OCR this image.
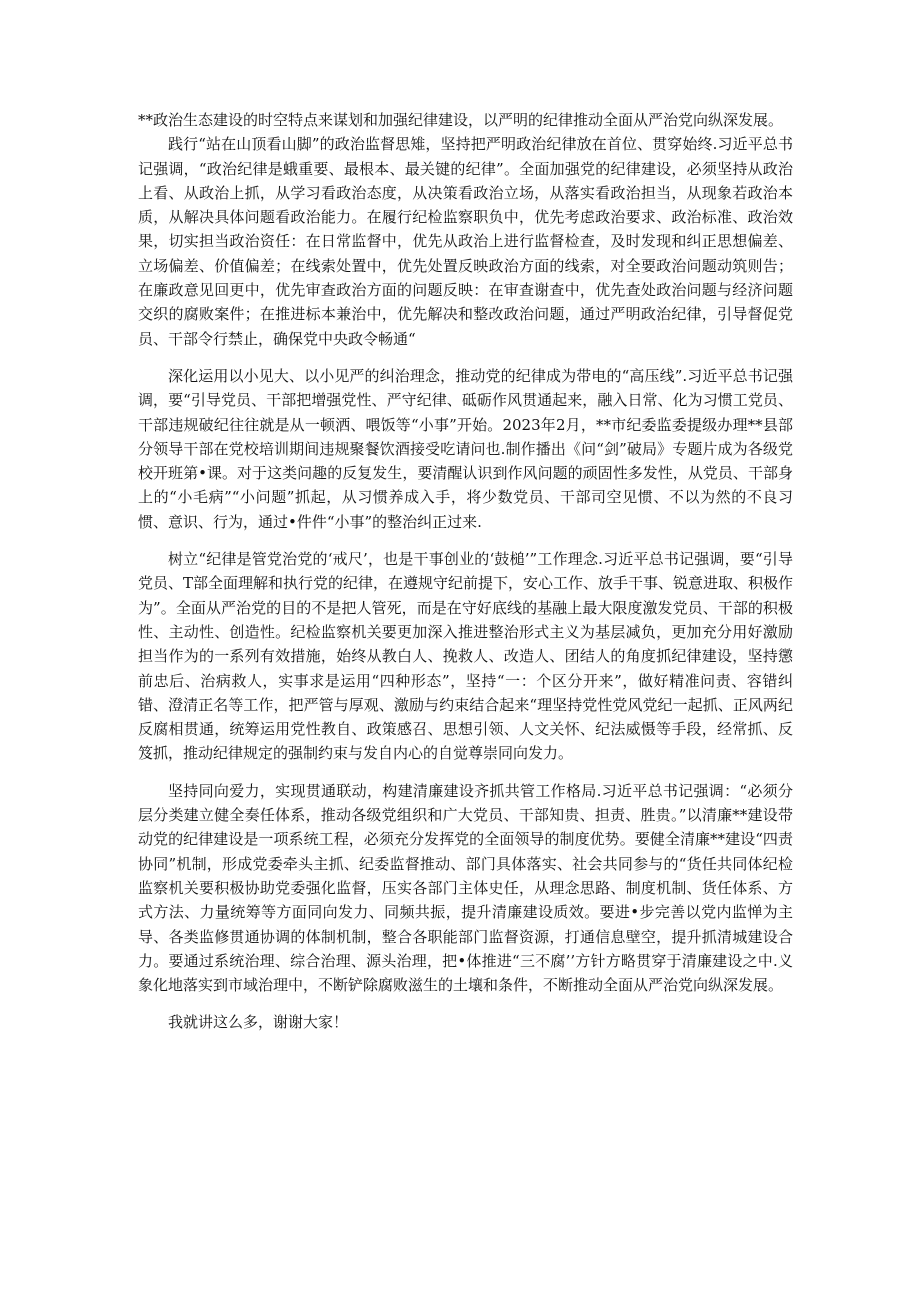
**政治生态建设的时空特点来谋划和加强纪律建设，以严明的纪律推动全面从严治党向纵深发展。

践行“站在山顶看山脚”的政治监督思雉，坚持把严明政治纪律放在首位、贯穿始终.习近平总书记强调，“政治纪律是蛾重要、最根本、最关键的纪律”。全面加强党的纪律建设，必须坚持从政治上看、从政治上抓，从学习看政治态度，从决策看政治立场，从落实看政治担当，从现象若政治本质，从解决具体问题看政治能力。在履行纪检监察职负中，优先考虑政治要求、政治标准、政治效果，切实担当政治资任：在日常监督中，优先从政治上进行监督检查，及时发现和纠正思想偏差、立场偏差、价值偏差；在线索处置中，优先处置反映政治方面的线索，对全要政治问题动筑则告；在廉政意见回更中，优先审查政治方面的问题反映：在审查谢查中，优先查处政治问题与经济问题交织的腐败案件；在推进标本兼治中，优先解决和整改政治问题，通过严明政治纪律，引导督促党员、干部令行禁止，确保党中央政令畅通“

深化运用以小见大、以小见严的纠治理念，推动党的纪律成为带电的“高压线”.习近平总书记强调，要“引导党员、干部把增强党性、严守纪律、砥砺作风贯通起来，融入日常、化为习惯工党员、干部违规破纪往往就是从一顿洒、喂饭等“小事”开始。2023年2月，**市纪委监委提级办理**县部分领导干部在党校培训期间违规聚餐饮酒接受吃请问也.制作播出《问“剑”破局》专题片成为各级党校开班第•课。对于这类问趣的反复发生，要清醒认识到作风问题的顽固性多发性，从党员、干部身上的“小毛病”“小问题”抓起，从习惯养成入手，将少数党员、干部司空见惯、不以为然的不良习惯、意识、行为，通过•件件“小事”的整治纠正过来.

树立“纪律是管党治党的‘戒尺’，也是干事创业的‘鼓槌’”工作理念.习近平总书记强调，要“引导党员、T部全面理解和执行党的纪律，在遵规守纪前提下，安心工作、放手干事、锐意进取、积极作为”。全面从严治党的目的不是把人管死，而是在守好底线的基融上最大限度激发党员、干部的积极性、主动性、创造性。纪检监察机关要更加深入推进整治形式主义为基层减负，更加充分用好激励担当作为的一系列有效措施，始终从教白人、挽救人、改造人、团结人的角度抓纪律建设，坚持懲前忠后、治病救人，实事求是运用“四种形态”，坚持“一：个区分开来”，做好精准问责、容错纠错、澄清正名等工作，把严管与厚观、激励与约束结合起来“理坚持党性党风党纪一起抓、正风两纪反腐相贯通，统筹运用党性教自、政策感召、思想引领、人文关怀、纪法威慑等手段，经常抓、反笈抓，推动纪律规定的强制约束与发自内心的自觉尊崇同向发力。

坚持同向爱力，实现贯通联动，构建清廉建设齐抓共管工作格局.习近平总书记强调：“必须分层分类建立健全奏任体系，推动各级党组织和广大党员、干部知贵、担责、胜贵。”以清廉**建设带动党的纪律建设是一项系统工程，必须充分发挥党的全面领导的制度优势。要健全清廉**建设“四责协同”机制，形成党委牵头主抓、纪委监督推动、部门具体落实、社会共同参与的“货任共同体纪检监察机关要积极协助党委强化监督，压实各部门主体史任，从理念思路、制度机制、货任体系、方式方法、力量统筹等方面同向发力、同频共振，提升清廉建设质效。要进•步完善以党内监惮为主导、各类监修贯通协调的体制机制，整合各职能部门监督资源，打通信息壁空，提升抓清城建设合力。要通过系统治理、综合治理、源头治理，把•体推进“三不腐’’方针方略贯穿于清廉建设之中.义象化地落实到市域治理中，不断铲除腐败滋生的土壤和条件，不断推动全面从严治党向纵深发展。

我就讲这么多，谢谢大家！
